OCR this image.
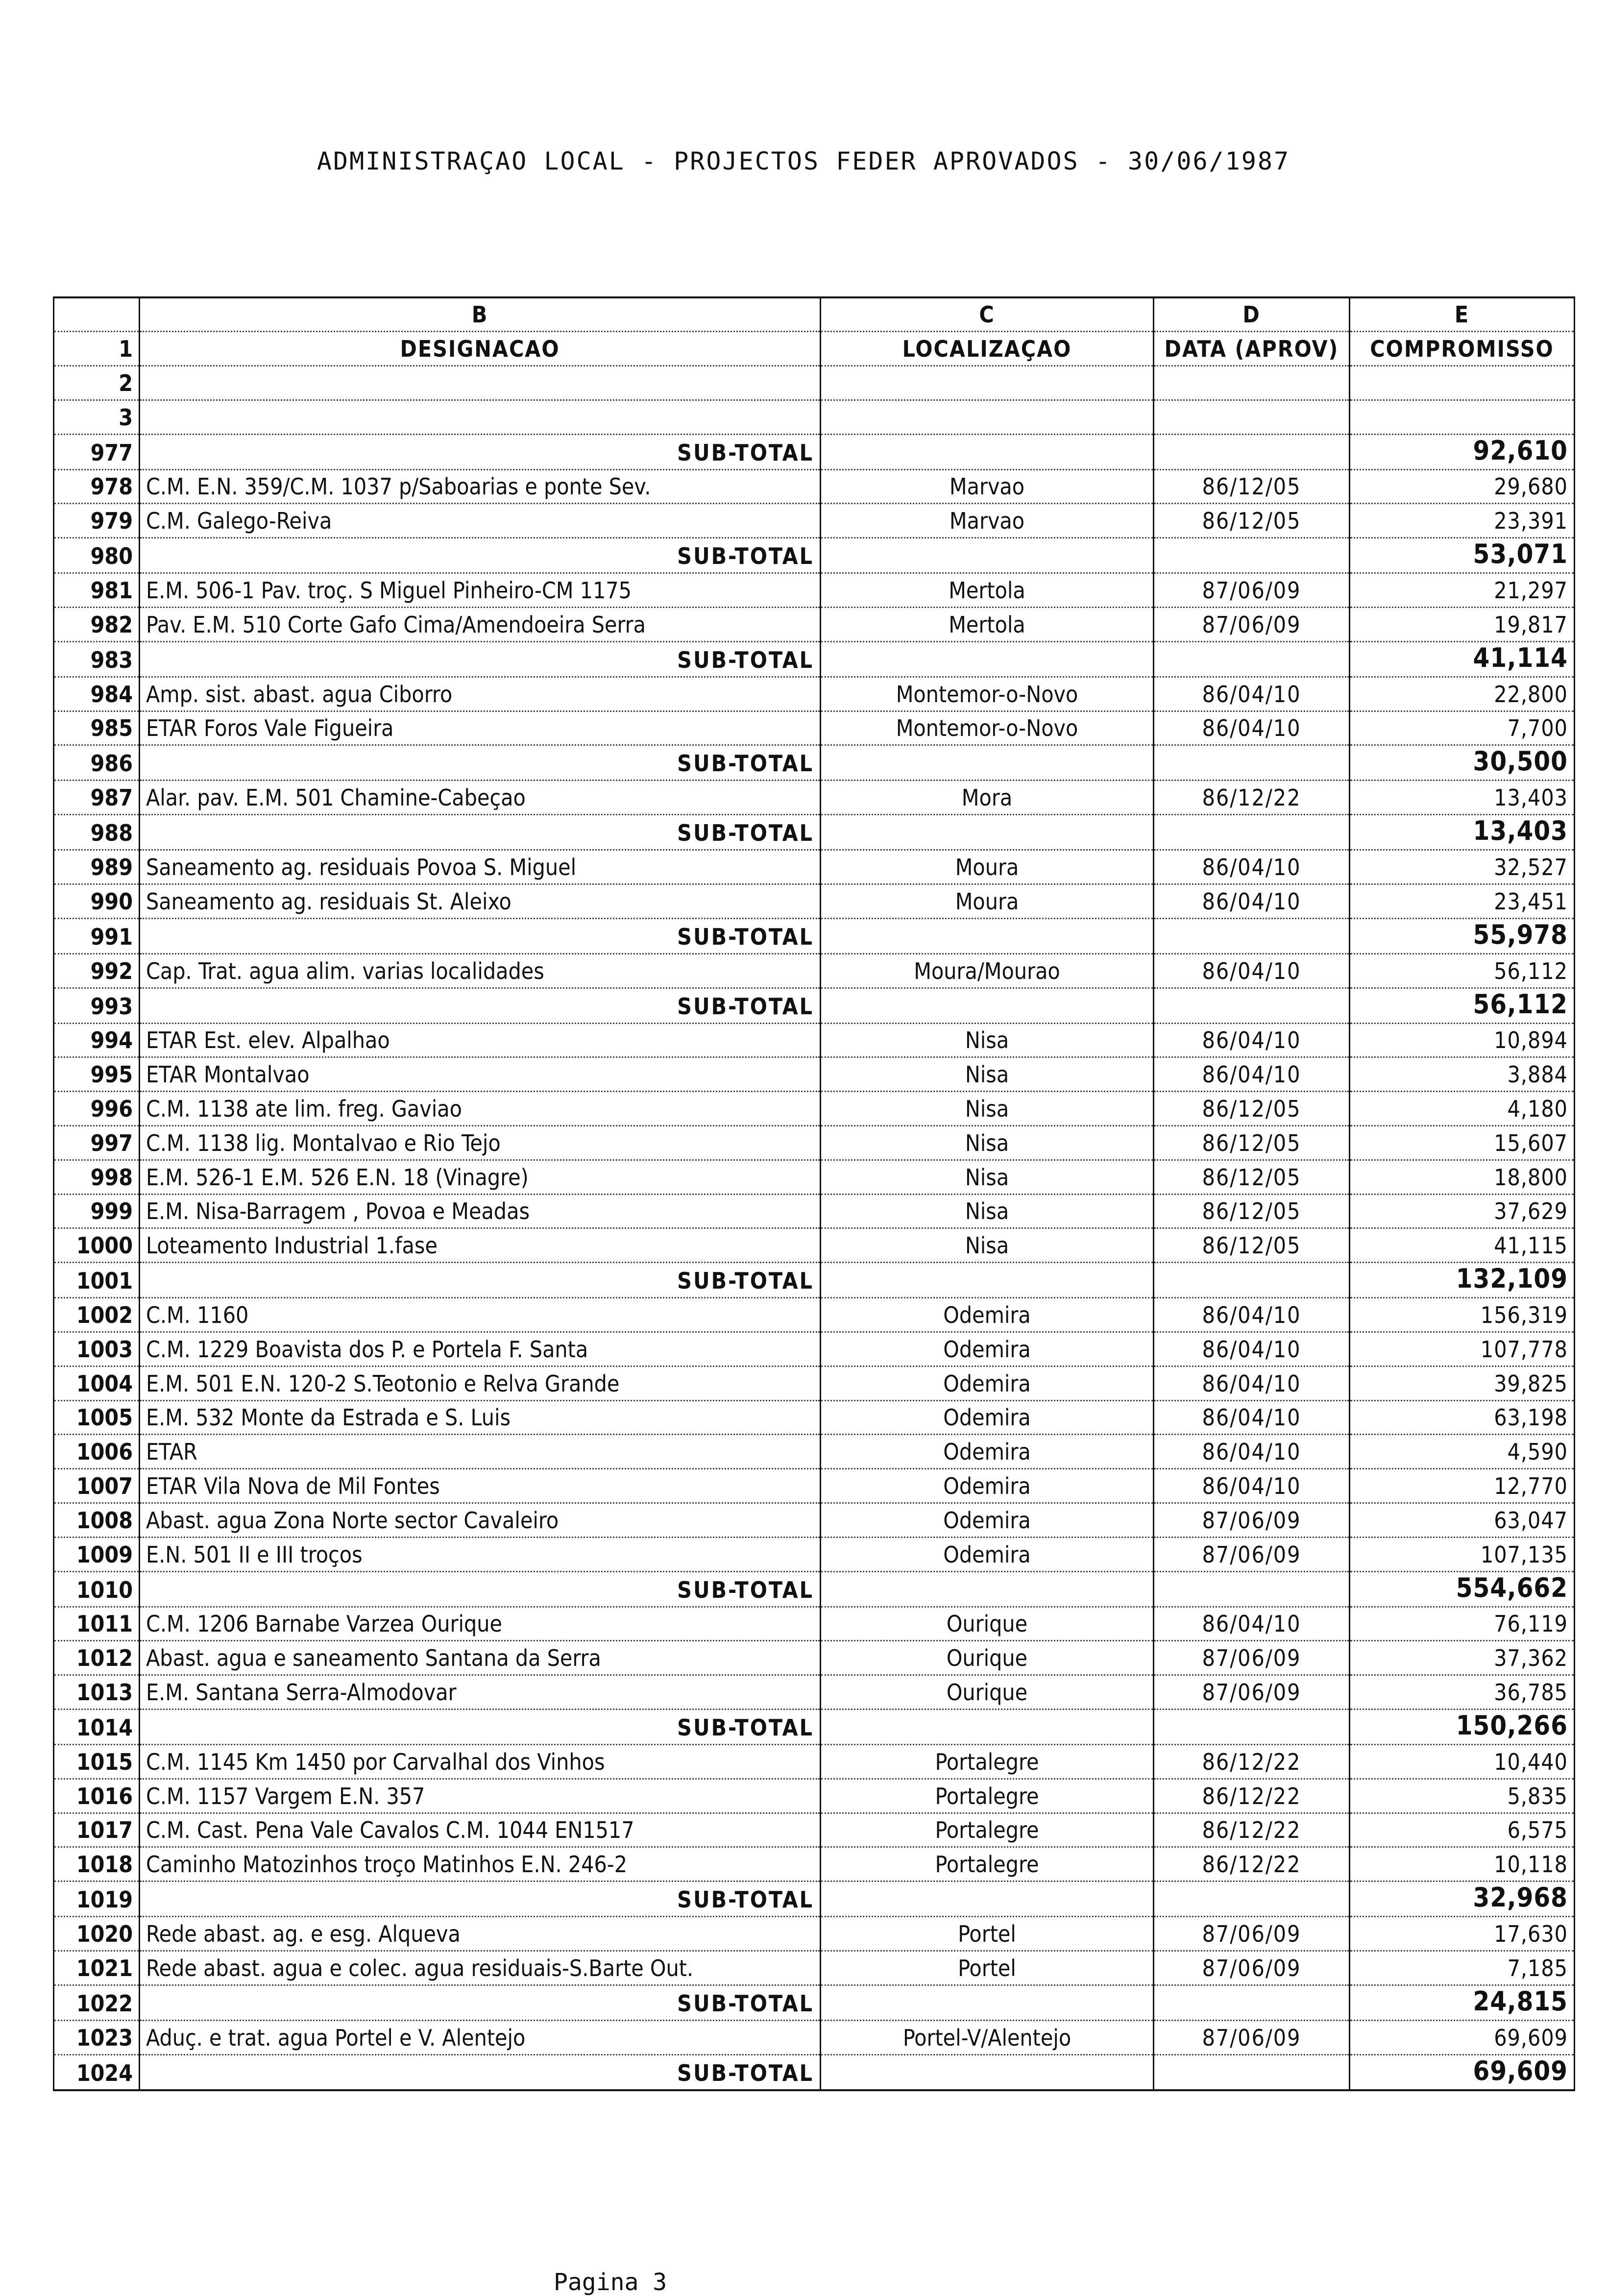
ADMINISTRAÇAO LOCAL - PROJECTOS FEDER APROVADOS - 30/06/1987
	B	C	D	E
1	DESIGNACAO	LOCALIZAÇAO	DATA (APROV)	COMPROMISSO
2				
3				
977	SUB-TOTAL			92,610
978	C.M. E.N. 359/C.M. 1037 p/Saboarias e ponte Sev.	Marvao	86/12/05	29,680
979	C.M. Galego-Reiva	Marvao	86/12/05	23,391
980	SUB-TOTAL			53,071
981	E.M. 506-1 Pav. troç. S Miguel Pinheiro-CM 1175	Mertola	87/06/09	21,297
982	Pav. E.M. 510 Corte Gafo Cima/Amendoeira Serra	Mertola	87/06/09	19,817
983	SUB-TOTAL			41,114
984	Amp. sist. abast. agua Ciborro	Montemor-o-Novo	86/04/10	22,800
985	ETAR Foros Vale Figueira	Montemor-o-Novo	86/04/10	7,700
986	SUB-TOTAL			30,500
987	Alar. pav. E.M. 501 Chamine-Cabeçao	Mora	86/12/22	13,403
988	SUB-TOTAL			13,403
989	Saneamento ag. residuais Povoa S. Miguel	Moura	86/04/10	32,527
990	Saneamento ag. residuais St. Aleixo	Moura	86/04/10	23,451
991	SUB-TOTAL			55,978
992	Cap. Trat. agua alim. varias localidades	Moura/Mourao	86/04/10	56,112
993	SUB-TOTAL			56,112
994	ETAR Est. elev. Alpalhao	Nisa	86/04/10	10,894
995	ETAR Montalvao	Nisa	86/04/10	3,884
996	C.M. 1138 ate lim. freg. Gaviao	Nisa	86/12/05	4,180
997	C.M. 1138 lig. Montalvao e Rio Tejo	Nisa	86/12/05	15,607
998	E.M. 526-1 E.M. 526 E.N. 18 (Vinagre)	Nisa	86/12/05	18,800
999	E.M. Nisa-Barragem , Povoa e Meadas	Nisa	86/12/05	37,629
1000	Loteamento Industrial 1.fase	Nisa	86/12/05	41,115
1001	SUB-TOTAL			132,109
1002	C.M. 1160	Odemira	86/04/10	156,319
1003	C.M. 1229 Boavista dos P. e Portela F. Santa	Odemira	86/04/10	107,778
1004	E.M. 501 E.N. 120-2 S.Teotonio e Relva Grande	Odemira	86/04/10	39,825
1005	E.M. 532 Monte da Estrada e S. Luis	Odemira	86/04/10	63,198
1006	ETAR	Odemira	86/04/10	4,590
1007	ETAR Vila Nova de Mil Fontes	Odemira	86/04/10	12,770
1008	Abast. agua Zona Norte sector Cavaleiro	Odemira	87/06/09	63,047
1009	E.N. 501 II e III troços	Odemira	87/06/09	107,135
1010	SUB-TOTAL			554,662
1011	C.M. 1206 Barnabe Varzea Ourique	Ourique	86/04/10	76,119
1012	Abast. agua e saneamento Santana da Serra	Ourique	87/06/09	37,362
1013	E.M. Santana Serra-Almodovar	Ourique	87/06/09	36,785
1014	SUB-TOTAL			150,266
1015	C.M. 1145 Km 1450 por Carvalhal dos Vinhos	Portalegre	86/12/22	10,440
1016	C.M. 1157 Vargem E.N. 357	Portalegre	86/12/22	5,835
1017	C.M. Cast. Pena Vale Cavalos C.M. 1044 EN1517	Portalegre	86/12/22	6,575
1018	Caminho Matozinhos troço Matinhos E.N. 246-2	Portalegre	86/12/22	10,118
1019	SUB-TOTAL			32,968
1020	Rede abast. ag. e esg. Alqueva	Portel	87/06/09	17,630
1021	Rede abast. agua e colec. agua residuais-S.Barte Out.	Portel	87/06/09	7,185
1022	SUB-TOTAL			24,815
1023	Aduç. e trat. agua Portel e V. Alentejo	Portel-V/Alentejo	87/06/09	69,609
1024	SUB-TOTAL			69,609
Pagina 3
